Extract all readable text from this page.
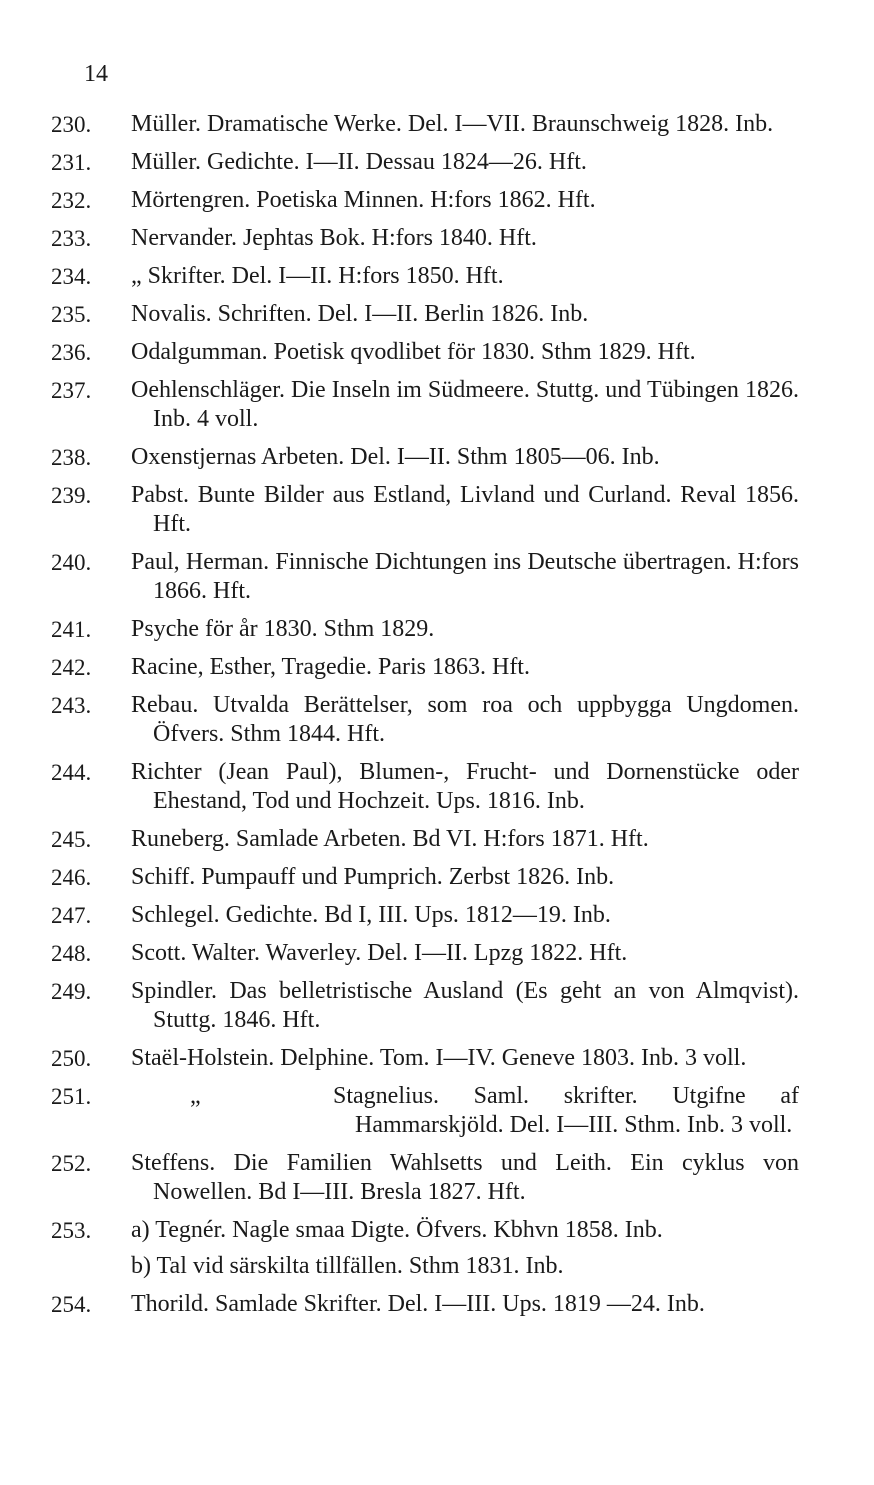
14
230.	Müller. Dramatische Werke. Del. I—VII. Braunschweig 1828. Inb.
231.	Müller. Gedichte. I—II. Dessau 1824—26. Hft.
232.	Mörtengren. Poetiska Minnen. H:fors 1862. Hft.
233.	Nervander. Jephtas Bok. H:fors 1840. Hft.
234.	„ Skrifter. Del. I—II. H:fors 1850. Hft.
235.	Novalis. Schriften. Del. I—II. Berlin 1826. Inb.
236.	Odalgumman. Poetisk qvodlibet för 1830. Sthm 1829. Hft.
237.	Oehlenschläger. Die Inseln im Südmeere. Stuttg. und Tübingen 1826. Inb. 4 voll.
238.	Oxenstjernas Arbeten. Del. I—II. Sthm 1805—06. Inb.
239.	Pabst. Bunte Bilder aus Estland, Livland und Curland. Reval 1856. Hft.
240.	Paul, Herman. Finnische Dichtungen ins Deutsche übertragen. H:fors 1866. Hft.
241.	Psyche för år 1830. Sthm 1829.
242.	Racine, Esther, Tragedie. Paris 1863. Hft.
243.	Rebau. Utvalda Berättelser, som roa och uppbygga Ungdomen. Öfvers. Sthm 1844. Hft.
244.	Richter (Jean Paul), Blumen-, Frucht- und Dornenstücke oder Ehestand, Tod und Hochzeit. Ups. 1816. Inb.
245.	Runeberg. Samlade Arbeten. Bd VI. H:fors 1871. Hft.
246.	Schiff. Pumpauff und Pumprich. Zerbst 1826. Inb.
247.	Schlegel. Gedichte. Bd I, III. Ups. 1812—19. Inb.
248.	Scott. Walter. Waverley. Del. I—II. Lpzg 1822. Hft.
249.	Spindler. Das belletristische Ausland (Es geht an von Almqvist). Stuttg. 1846. Hft.
250.	Staël-Holstein. Delphine. Tom. I—IV. Geneve 1803. Inb. 3 voll.
251.	„	Stagnelius. Saml. skrifter. Utgifne af Hammarskjöld. Del. I—III. Sthm. Inb. 3 voll.
252.	Steffens. Die Familien Wahlsetts und Leith. Ein cyklus von Nowellen. Bd I—III. Bresla 1827. Hft.
253.	a) Tegnér. Nagle smaa Digte. Öfvers. Kbhvn 1858. Inb.
b) Tal vid särskilta tillfällen. Sthm 1831. Inb.
254.	Thorild. Samlade Skrifter. Del. I—III. Ups. 1819 —24. Inb.
